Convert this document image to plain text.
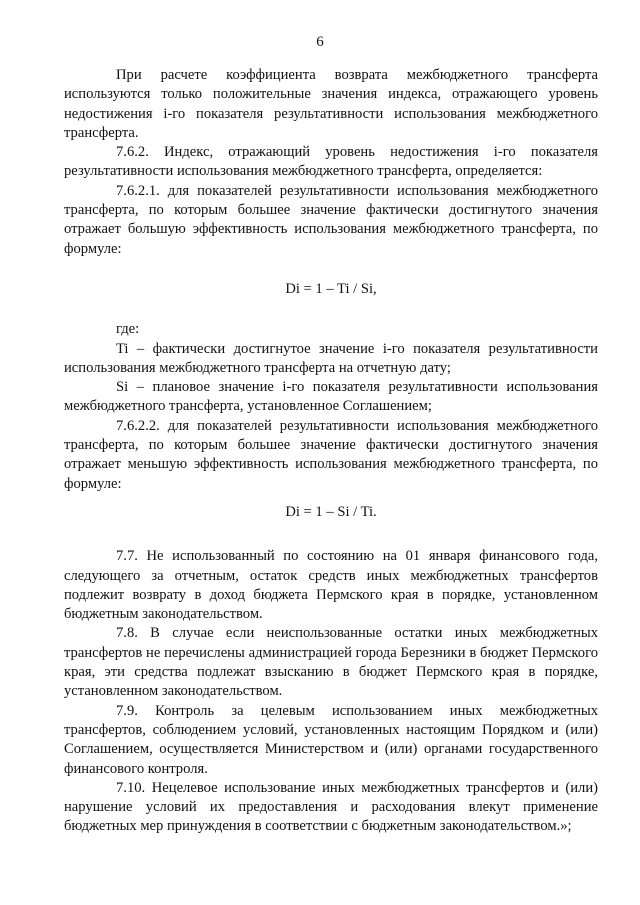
6

При расчете коэффициента возврата межбюджетного трансферта используются только положительные значения индекса, отражающего уровень недостижения i-го показателя результативности использования межбюджетного трансферта.

7.6.2. Индекс, отражающий уровень недостижения i-го показателя результативности использования межбюджетного трансферта, определяется:

7.6.2.1. для показателей результативности использования межбюджетного трансферта, по которым большее значение фактически достигнутого значения отражает большую эффективность использования межбюджетного трансферта, по формуле:

Di = 1 – Ti / Si,

где:

Ti – фактически достигнутое значение i-го показателя результативности использования межбюджетного трансферта на отчетную дату;

Si – плановое значение i-го показателя результативности использования межбюджетного трансферта, установленное Соглашением;

7.6.2.2. для показателей результативности использования межбюджетного трансферта, по которым большее значение фактически достигнутого значения отражает меньшую эффективность использования межбюджетного трансферта, по формуле:

Di = 1 – Si / Ti.

7.7. Не использованный по состоянию на 01 января финансового года, следующего за отчетным, остаток средств иных межбюджетных трансфертов подлежит возврату в доход бюджета Пермского края в порядке, установленном бюджетным законодательством.

7.8. В случае если неиспользованные остатки иных межбюджетных трансфертов не перечислены администрацией города Березники в бюджет Пермского края, эти средства подлежат взысканию в бюджет Пермского края в порядке, установленном законодательством.

7.9. Контроль за целевым использованием иных межбюджетных трансфертов, соблюдением условий, установленных настоящим Порядком и (или) Соглашением, осуществляется Министерством и (или) органами государственного финансового контроля.

7.10. Нецелевое использование иных межбюджетных трансфертов и (или) нарушение условий их предоставления и расходования влекут применение бюджетных мер принуждения в соответствии с бюджетным законодательством.»;
